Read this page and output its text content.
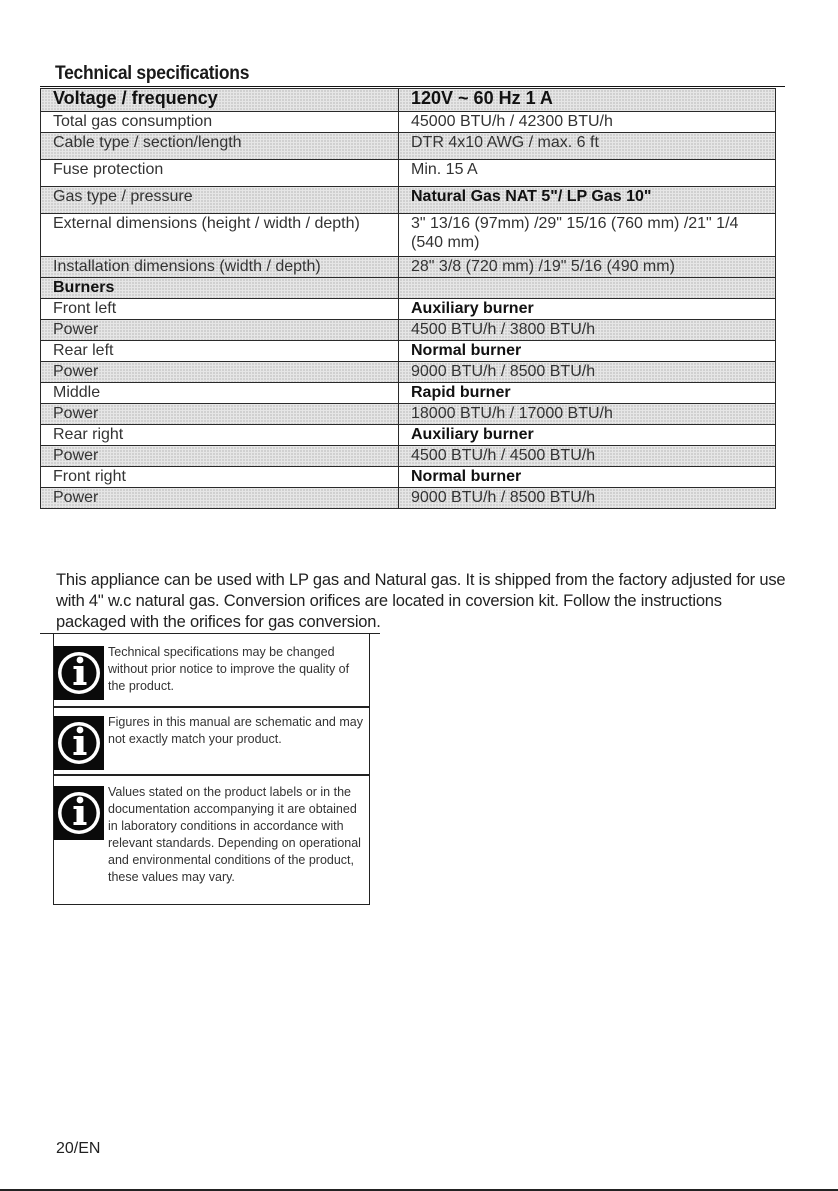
Technical specifications
Voltage / frequency	120V ~ 60 Hz 1 A
Total gas consumption	45000 BTU/h / 42300 BTU/h
Cable type / section/length	DTR 4x10 AWG / max. 6 ft
Fuse protection	Min. 15 A
Gas type / pressure	Natural Gas NAT 5"/ LP Gas 10"
External dimensions (height / width / depth)	3" 13/16 (97mm) /29" 15/16 (760 mm) /21" 1/4 (540 mm)
Installation dimensions (width / depth)	28" 3/8 (720 mm) /19" 5/16 (490 mm)
Burners	
Front left	Auxiliary burner
Power	4500 BTU/h / 3800 BTU/h
Rear left	Normal burner
Power	9000 BTU/h / 8500 BTU/h
Middle	Rapid burner
Power	18000 BTU/h / 17000 BTU/h
Rear right	Auxiliary burner
Power	4500 BTU/h / 4500 BTU/h
Front right	Normal burner
Power	9000 BTU/h / 8500 BTU/h
This appliance can be used with LP gas and Natural gas. It is shipped from the factory adjusted for use with 4" w.c natural gas. Conversion orifices are located in coversion kit. Follow the instructions packaged with the orifices for gas conversion.
Technical specifications may be changed without prior notice to improve the quality of the product.
Figures in this manual are schematic and may not exactly match your product.
Values stated on the product labels or in the documentation accompanying it are obtained in laboratory conditions in accordance with relevant standards. Depending on operational and environmental conditions of the product, these values may vary.
20/EN
